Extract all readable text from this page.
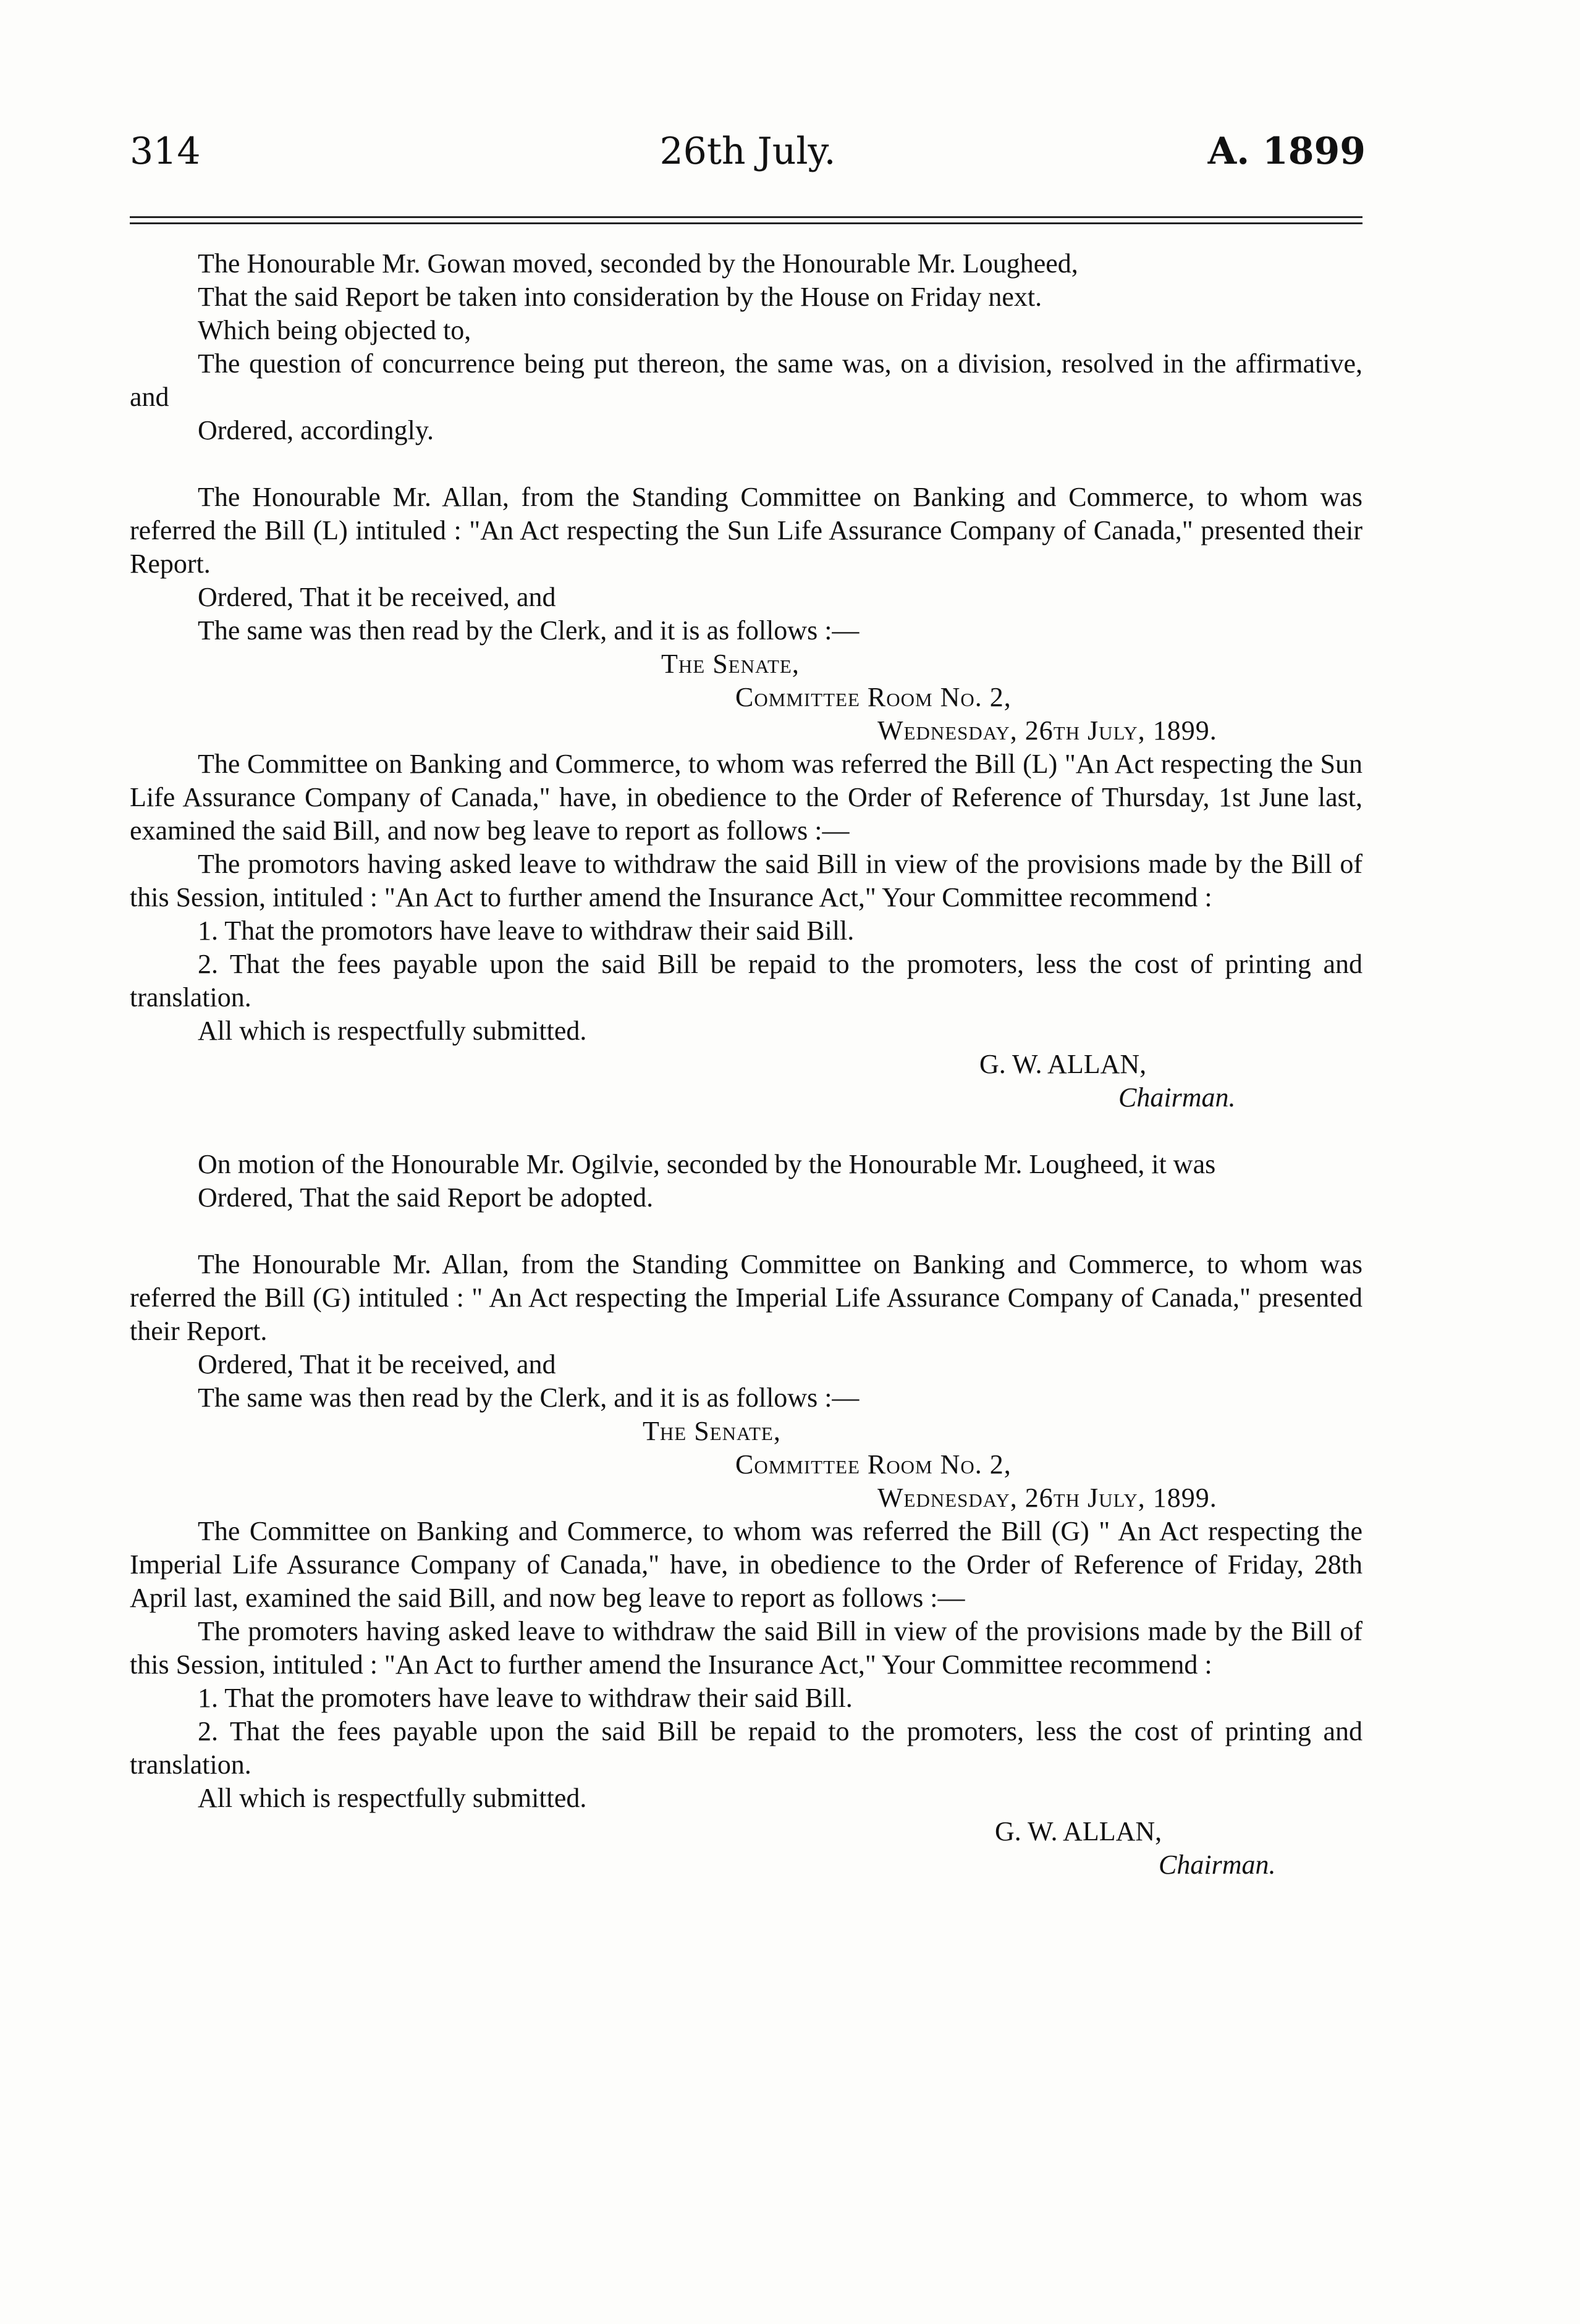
314	26th July.	A. 1899

The Honourable Mr. Gowan moved, seconded by the Honourable Mr. Lougheed,

That the said Report be taken into consideration by the House on Friday next.

Which being objected to,

The question of concurrence being put thereon, the same was, on a division, resolved in the affirmative, and

Ordered, accordingly.

The Honourable Mr. Allan, from the Standing Committee on Banking and Commerce, to whom was referred the Bill (L) intituled : "An Act respecting the Sun Life Assurance Company of Canada," presented their Report.

Ordered, That it be received, and

The same was then read by the Clerk, and it is as follows :—

The Senate,
Committee Room No. 2,
Wednesday, 26th July, 1899.

The Committee on Banking and Commerce, to whom was referred the Bill (L) "An Act respecting the Sun Life Assurance Company of Canada," have, in obedience to the Order of Reference of Thursday, 1st June last, examined the said Bill, and now beg leave to report as follows :—

The promotors having asked leave to withdraw the said Bill in view of the provisions made by the Bill of this Session, intituled : "An Act to further amend the Insurance Act," Your Committee recommend :

1. That the promotors have leave to withdraw their said Bill.

2. That the fees payable upon the said Bill be repaid to the promoters, less the cost of printing and translation.

All which is respectfully submitted.

G. W. ALLAN,
Chairman.

On motion of the Honourable Mr. Ogilvie, seconded by the Honourable Mr. Lougheed, it was

Ordered, That the said Report be adopted.

The Honourable Mr. Allan, from the Standing Committee on Banking and Commerce, to whom was referred the Bill (G) intituled : " An Act respecting the Imperial Life Assurance Company of Canada," presented their Report.

Ordered, That it be received, and

The same was then read by the Clerk, and it is as follows :—

The Senate,
Committee Room No. 2,
Wednesday, 26th July, 1899.

The Committee on Banking and Commerce, to whom was referred the Bill (G) " An Act respecting the Imperial Life Assurance Company of Canada," have, in obedience to the Order of Reference of Friday, 28th April last, examined the said Bill, and now beg leave to report as follows :—

The promoters having asked leave to withdraw the said Bill in view of the provisions made by the Bill of this Session, intituled : "An Act to further amend the Insurance Act," Your Committee recommend :

1. That the promoters have leave to withdraw their said Bill.

2. That the fees payable upon the said Bill be repaid to the promoters, less the cost of printing and translation.

All which is respectfully submitted.

G. W. ALLAN,
Chairman.
